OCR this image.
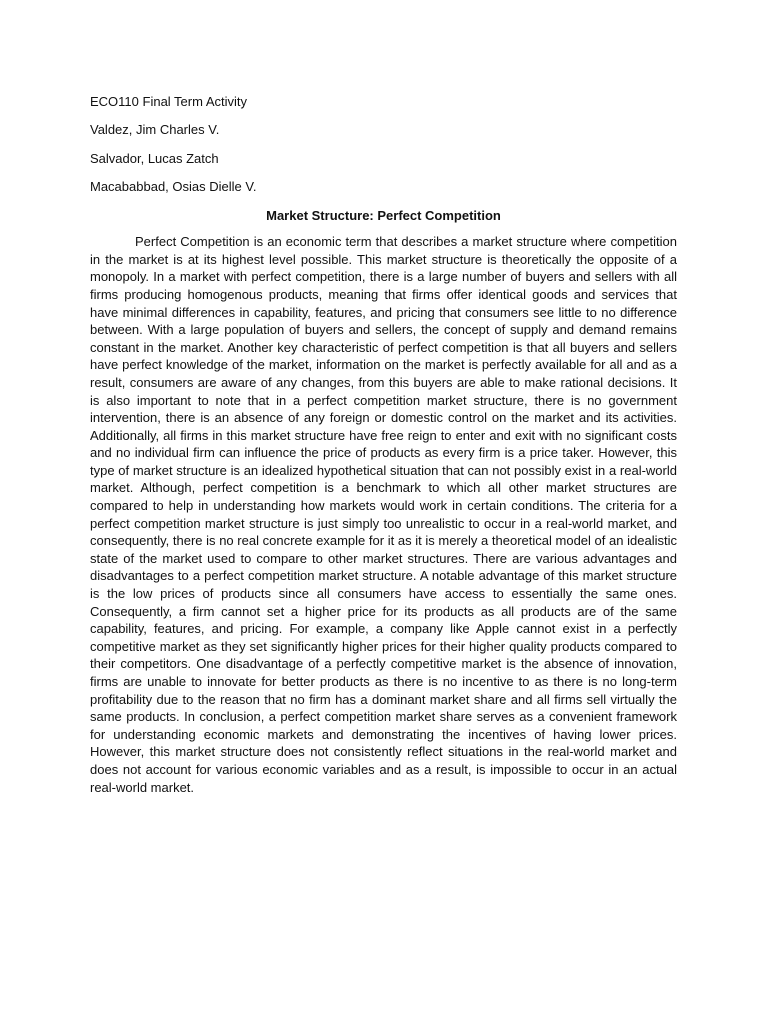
ECO110 Final Term Activity

Valdez, Jim Charles V.

Salvador, Lucas Zatch

Macababbad, Osias Dielle V.

Market Structure: Perfect Competition

Perfect Competition is an economic term that describes a market structure where competition in the market is at its highest level possible. This market structure is theoretically the opposite of a monopoly. In a market with perfect competition, there is a large number of buyers and sellers with all firms producing homogenous products, meaning that firms offer identical goods and services that have minimal differences in capability, features, and pricing that consumers see little to no difference between. With a large population of buyers and sellers, the concept of supply and demand remains constant in the market. Another key characteristic of perfect competition is that all buyers and sellers have perfect knowledge of the market, information on the market is perfectly available for all and as a result, consumers are aware of any changes, from this buyers are able to make rational decisions. It is also important to note that in a perfect competition market structure, there is no government intervention, there is an absence of any foreign or domestic control on the market and its activities. Additionally, all firms in this market structure have free reign to enter and exit with no significant costs and no individual firm can influence the price of products as every firm is a price taker. However, this type of market structure is an idealized hypothetical situation that can not possibly exist in a real-world market. Although, perfect competition is a benchmark to which all other market structures are compared to help in understanding how markets would work in certain conditions. The criteria for a perfect competition market structure is just simply too unrealistic to occur in a real-world market, and consequently, there is no real concrete example for it as it is merely a theoretical model of an idealistic state of the market used to compare to other market structures. There are various advantages and disadvantages to a perfect competition market structure. A notable advantage of this market structure is the low prices of products since all consumers have access to essentially the same ones. Consequently, a firm cannot set a higher price for its products as all products are of the same capability, features, and pricing. For example, a company like Apple cannot exist in a perfectly competitive market as they set significantly higher prices for their higher quality products compared to their competitors. One disadvantage of a perfectly competitive market is the absence of innovation, firms are unable to innovate for better products as there is no incentive to as there is no long-term profitability due to the reason that no firm has a dominant market share and all firms sell virtually the same products. In conclusion, a perfect competition market share serves as a convenient framework for understanding economic markets and demonstrating the incentives of having lower prices. However, this market structure does not consistently reflect situations in the real-world market and does not account for various economic variables and as a result, is impossible to occur in an actual real-world market.
